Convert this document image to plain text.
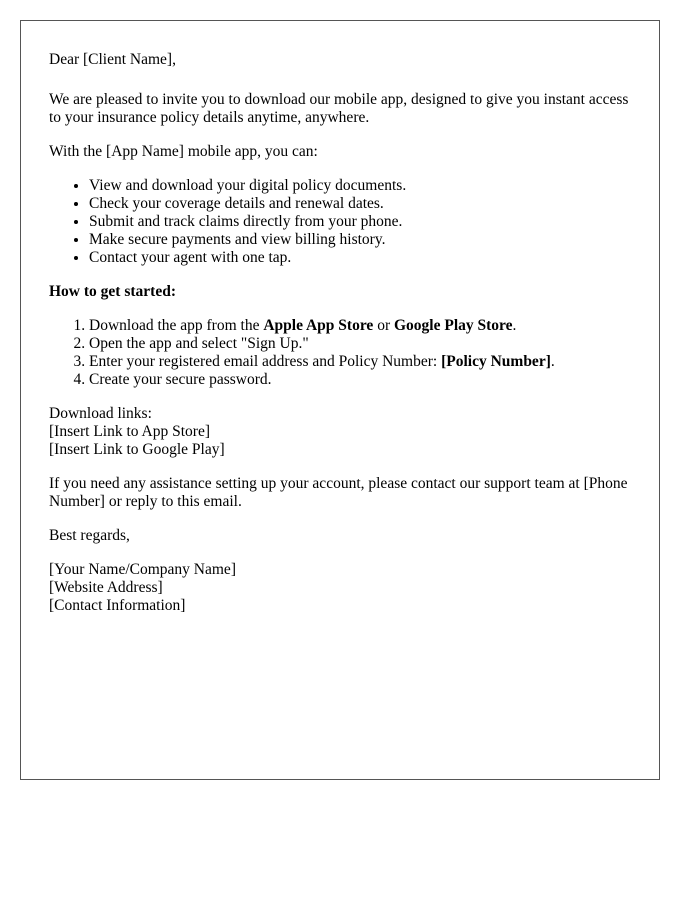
Dear [Client Name],

We are pleased to invite you to download our mobile app, designed to give you instant access to your insurance policy details anytime, anywhere.

With the [App Name] mobile app, you can:

• View and download your digital policy documents.
• Check your coverage details and renewal dates.
• Submit and track claims directly from your phone.
• Make secure payments and view billing history.
• Contact your agent with one tap.

How to get started:

1. Download the app from the Apple App Store or Google Play Store.
2. Open the app and select "Sign Up."
3. Enter your registered email address and Policy Number: [Policy Number].
4. Create your secure password.

Download links:
[Insert Link to App Store]
[Insert Link to Google Play]

If you need any assistance setting up your account, please contact our support team at [Phone Number] or reply to this email.

Best regards,

[Your Name/Company Name]
[Website Address]
[Contact Information]
